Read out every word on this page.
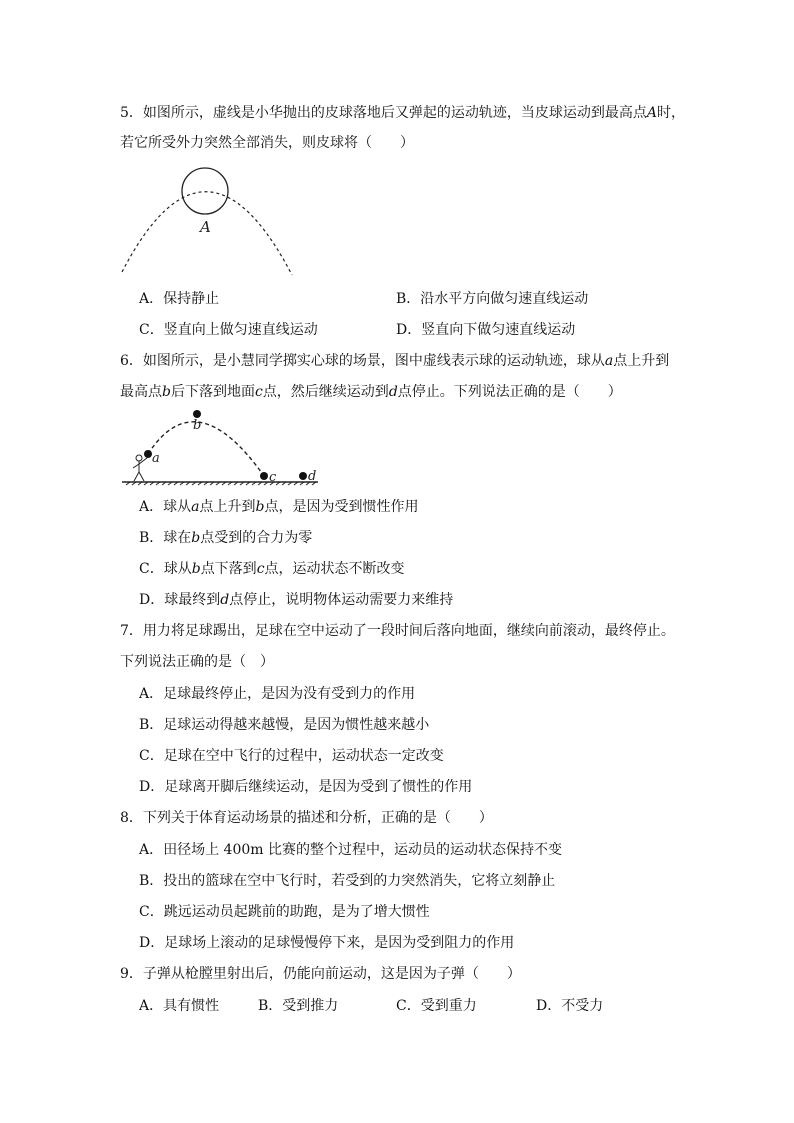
5．如图所示，虚线是小华抛出的皮球落地后又弹起的运动轨迹，当皮球运动到最高点A时，
若它所受外力突然全部消失，则皮球将（　　）
A
A．保持静止	B．沿水平方向做匀速直线运动
C．竖直向上做匀速直线运动	D．竖直向下做匀速直线运动
6．如图所示，是小慧同学掷实心球的场景，图中虚线表示球的运动轨迹，球从a点上升到
最高点b后下落到地面c点，然后继续运动到d点停止。下列说法正确的是（　　）
a
b
c d
A．球从a点上升到b点，是因为受到惯性作用
B．球在b点受到的合力为零
C．球从b点下落到c点，运动状态不断改变
D．球最终到d点停止，说明物体运动需要力来维持
7．用力将足球踢出，足球在空中运动了一段时间后落向地面，继续向前滚动，最终停止。
下列说法正确的是（　）
A．足球最终停止，是因为没有受到力的作用
B．足球运动得越来越慢，是因为惯性越来越小
C．足球在空中飞行的过程中，运动状态一定改变
D．足球离开脚后继续运动，是因为受到了惯性的作用
8．下列关于体育运动场景的描述和分析，正确的是（　　）
A．田径场上 400m 比赛的整个过程中，运动员的运动状态保持不变
B．投出的篮球在空中飞行时，若受到的力突然消失，它将立刻静止
C．跳远运动员起跳前的助跑，是为了增大惯性
D．足球场上滚动的足球慢慢停下来，是因为受到阻力的作用
9．子弹从枪膛里射出后，仍能向前运动，这是因为子弹（　　）
A．具有惯性	B．受到推力	C．受到重力	D．不受力
